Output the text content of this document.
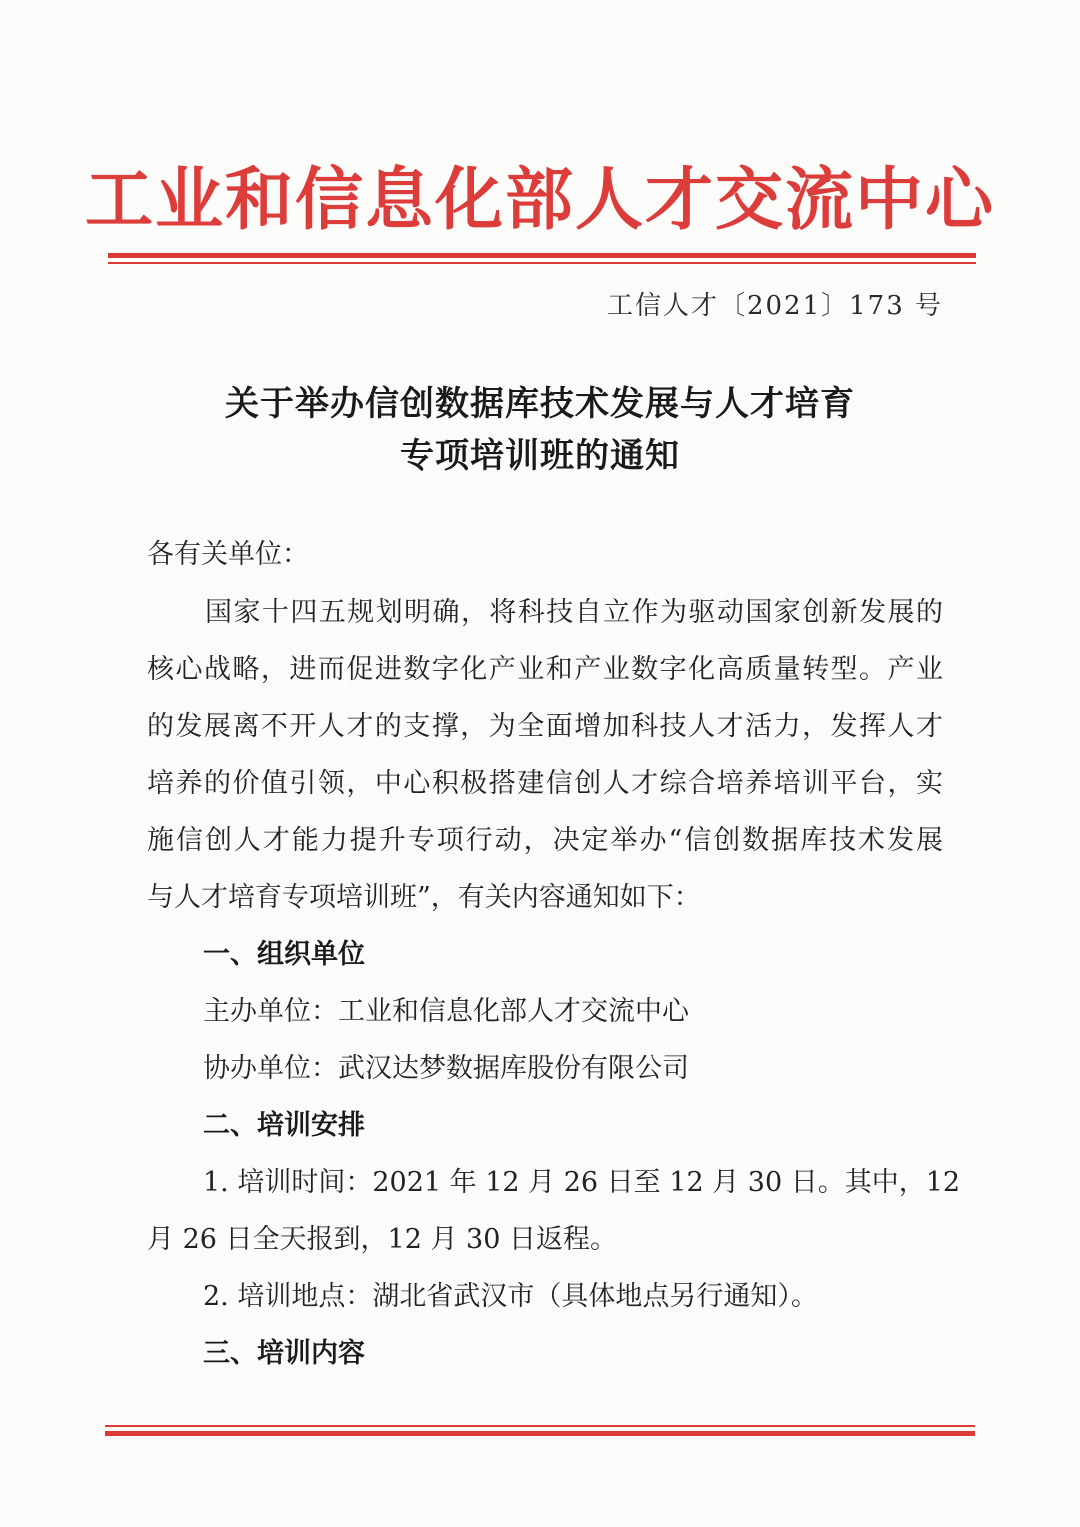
工业和信息化部人才交流中心
工信人才〔2021〕173 号
关于举办信创数据库技术发展与人才培育
专项培训班的通知
各有关单位：
国家十四五规划明确，将科技自立作为驱动国家创新发展的
核心战略，进而促进数字化产业和产业数字化高质量转型。产业
的发展离不开人才的支撑，为全面增加科技人才活力，发挥人才
培养的价值引领，中心积极搭建信创人才综合培养培训平台，实
施信创人才能力提升专项行动，决定举办“信创数据库技术发展
与人才培育专项培训班”，有关内容通知如下：
一、组织单位
主办单位：工业和信息化部人才交流中心
协办单位：武汉达梦数据库股份有限公司
二、培训安排
1. 培训时间：2021 年 12 月 26 日至 12 月 30 日。其中，12
月 26 日全天报到，12 月 30 日返程。
2. 培训地点：湖北省武汉市（具体地点另行通知）。
三、培训内容
